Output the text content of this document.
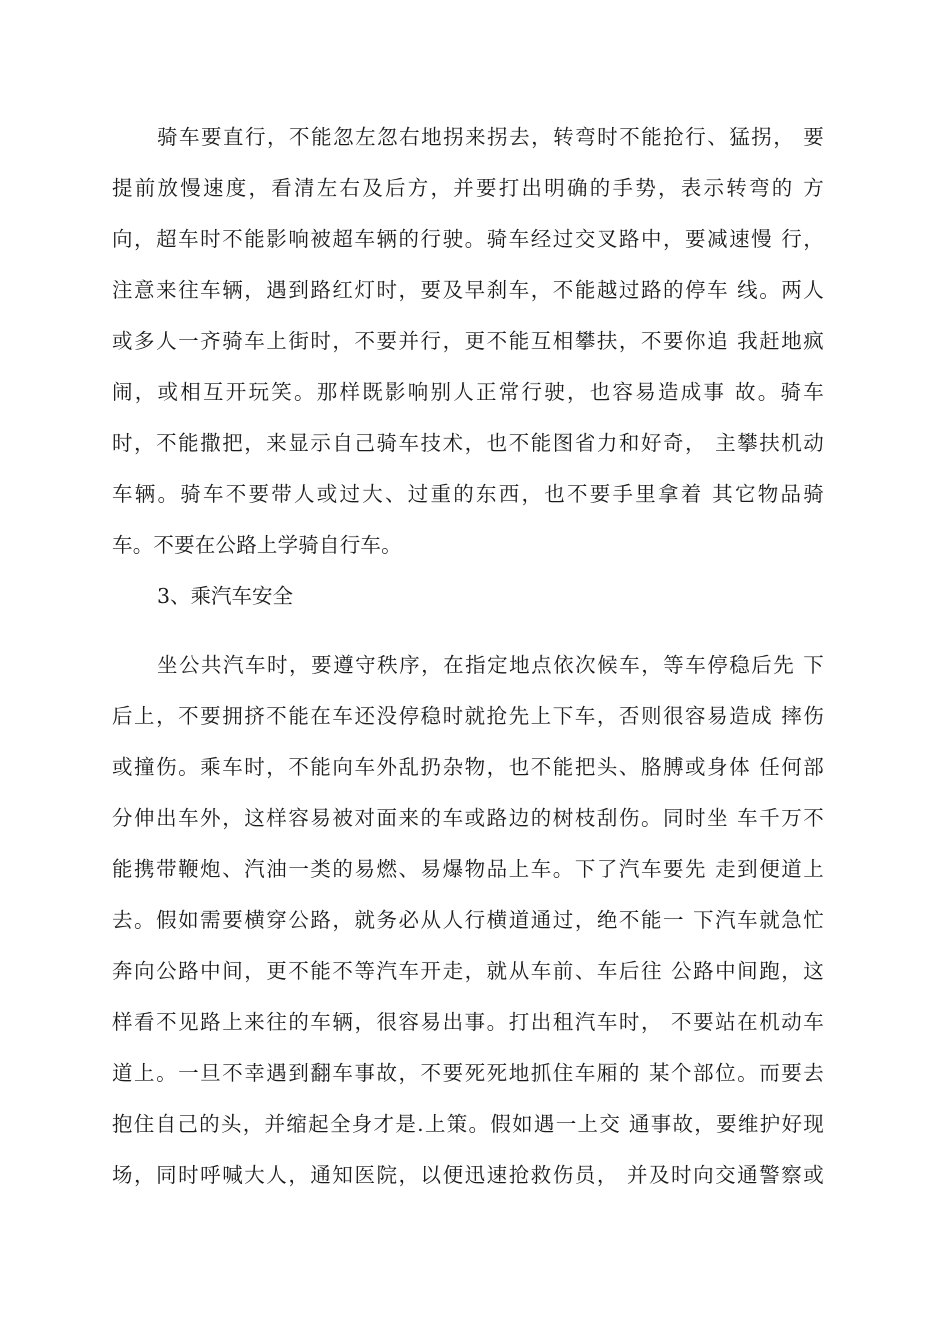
骑车要直行，不能忽左忽右地拐来拐去，转弯时不能抢行、猛拐， 要
提前放慢速度，看清左右及后方，并要打出明确的手势，表示转弯的 方
向，超车时不能影响被超车辆的行驶。骑车经过交叉路中，要减速慢 行，
注意来往车辆，遇到路红灯时，要及早刹车，不能越过路的停车 线。两人
或多人一齐骑车上街时，不要并行，更不能互相攀扶，不要你追 我赶地疯
闹，或相互开玩笑。那样既影响别人正常行驶，也容易造成事 故。骑车
时，不能撒把，来显示自己骑车技术，也不能图省力和好奇， 主攀扶机动
车辆。骑车不要带人或过大、过重的东西，也不要手里拿着 其它物品骑
车。不要在公路上学骑自行车。
3、乘汽车安全
坐公共汽车时，要遵守秩序，在指定地点依次候车，等车停稳后先 下
后上，不要拥挤不能在车还没停稳时就抢先上下车，否则很容易造成 摔伤
或撞伤。乘车时，不能向车外乱扔杂物，也不能把头、胳膊或身体 任何部
分伸出车外，这样容易被对面来的车或路边的树枝刮伤。同时坐 车千万不
能携带鞭炮、汽油一类的易燃、易爆物品上车。下了汽车要先 走到便道上
去。假如需要横穿公路，就务必从人行横道通过，绝不能一 下汽车就急忙
奔向公路中间，更不能不等汽车开走，就从车前、车后往 公路中间跑，这
样看不见路上来往的车辆，很容易出事。打出租汽车时， 不要站在机动车
道上。一旦不幸遇到翻车事故，不要死死地抓住车厢的 某个部位。而要去
抱住自己的头，并缩起全身才是.上策。假如遇一上交 通事故，要维护好现
场，同时呼喊大人，通知医院，以便迅速抢救伤员， 并及时向交通警察或
